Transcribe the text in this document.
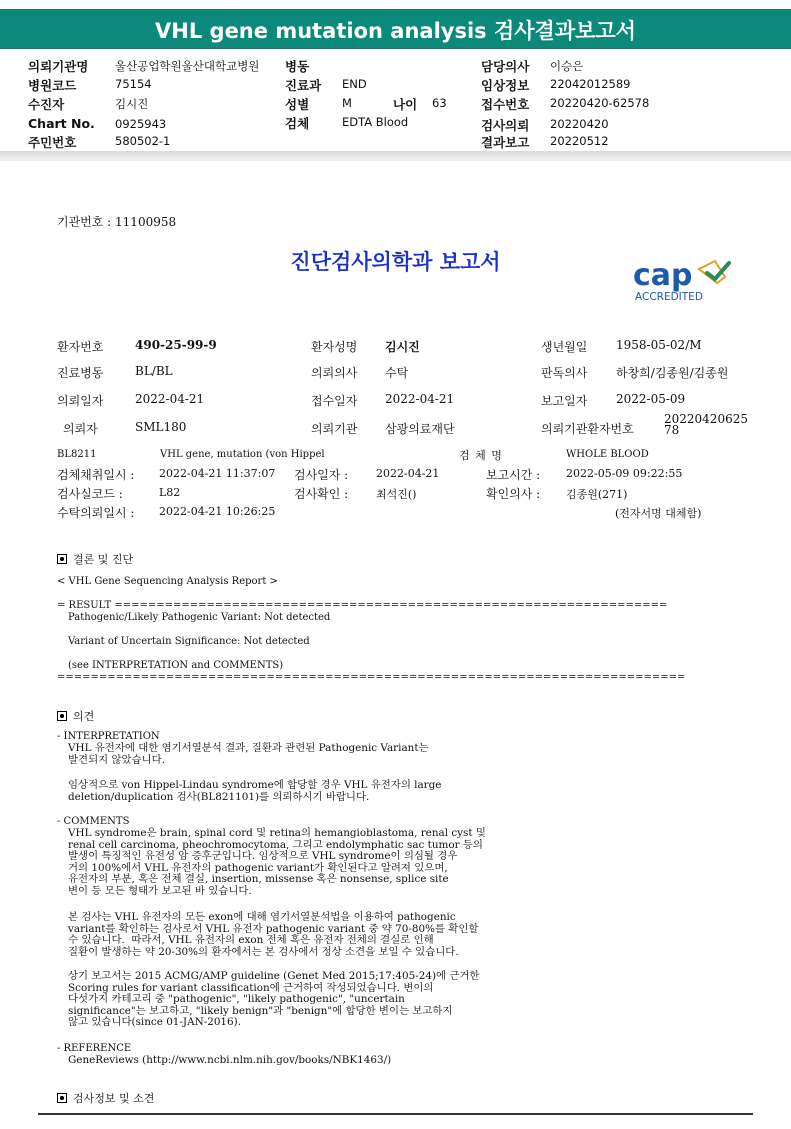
VHL gene mutation analysis 검사결과보고서
의뢰기관명 울산공업학원울산대학교병원
병원코드	75154
수진자	김시진
Chart No. 0925943
주민번호	580502-1
병동
진료과 END
성별	M
검체	EDTA Blood
나이 63
담당의사 이승은
임상정보 22042012589
접수번호 20220420-62578
검사의뢰 20220420
결과보고 20220512
기관번호 : 11100958
진단검사의학과 보고서	cap
ACCREDITED
환자번호	490-25-99-9	환자성명 김시진	생년월일 1958-05-02/M
진료병동	BL/BL	의뢰의사 수탁	판독의사 하창희/김종원/김종원
의뢰일자	2022-04-21	접수일자 2022-04-21	보고일자 2022-05-09
의뢰자	SML180	의뢰기관 삼광의료재단	의뢰기관환자번호
2022042062578
BL8211	VHL gene, mutation (von Hippel	검 체 명	WHOLE BLOOD
검체채취일시 : 2022-04-21 11:37:07 검사일자 :	2022-04-21	보고시간 : 2022-05-09 09:22:55
검사실코드 :	L82	검사확인 :	최석진()	확인의사 : 김종원(271)
수탁의뢰일시 : 2022-04-21 10:26:25	(전자서명 대체함)
결론 및 진단
< VHL Gene Sequencing Analysis Report >
= RESULT ==================================================================
Pathogenic/Likely Pathogenic Variant: Not detected
Variant of Uncertain Significance: Not detected
(see INTERPRETATION and COMMENTS)
===========================================================================
의견
- INTERPRETATION
VHL 유전자에 대한 염기서열분석 결과, 질환과 관련된 Pathogenic Variant는
발견되지 않았습니다.
임상적으로 von Hippel-Lindau syndrome에 합당할 경우 VHL 유전자의 large
deletion/duplication 검사(BL821101)를 의뢰하시기 바랍니다.
- COMMENTS
VHL syndrome은 brain, spinal cord 및 retina의 hemangioblastoma, renal cyst 및
renal cell carcinoma, pheochromocytoma, 그리고 endolymphatic sac tumor 등의
발생이 특징적인 유전성 암 증후군입니다. 임상적으로 VHL syndrome이 의심될 경우
거의 100%에서 VHL 유전자의 pathogenic variant가 확인된다고 알려져 있으며,
유전자의 부분, 혹은 전체 결실, insertion, missense 혹은 nonsense, splice site
변이 등 모든 형태가 보고된 바 있습니다.
본 검사는 VHL 유전자의 모든 exon에 대해 염기서열분석법을 이용하여 pathogenic
variant를 확인하는 검사로서 VHL 유전자 pathogenic variant 중 약 70-80%를 확인할
수 있습니다.  따라서, VHL 유전자의 exon 전체 혹은 유전자 전체의 결실로 인해
질환이 발생하는 약 20-30%의 환자에서는 본 검사에서 정상 소견을 보일 수 있습니다.
상기 보고서는 2015 ACMG/AMP guideline (Genet Med 2015;17:405-24)에 근거한
Scoring rules for variant classification에 근거하여 작성되었습니다. 변이의
다섯가지 카테고리 중 "pathogenic", "likely pathogenic", "uncertain
significance"는 보고하고, "likely benign"과 "benign"에 합당한 변이는 보고하지
않고 있습니다(since 01-JAN-2016).
- REFERENCE
GeneReviews (http://www.ncbi.nlm.nih.gov/books/NBK1463/)
검사정보 및 소견
